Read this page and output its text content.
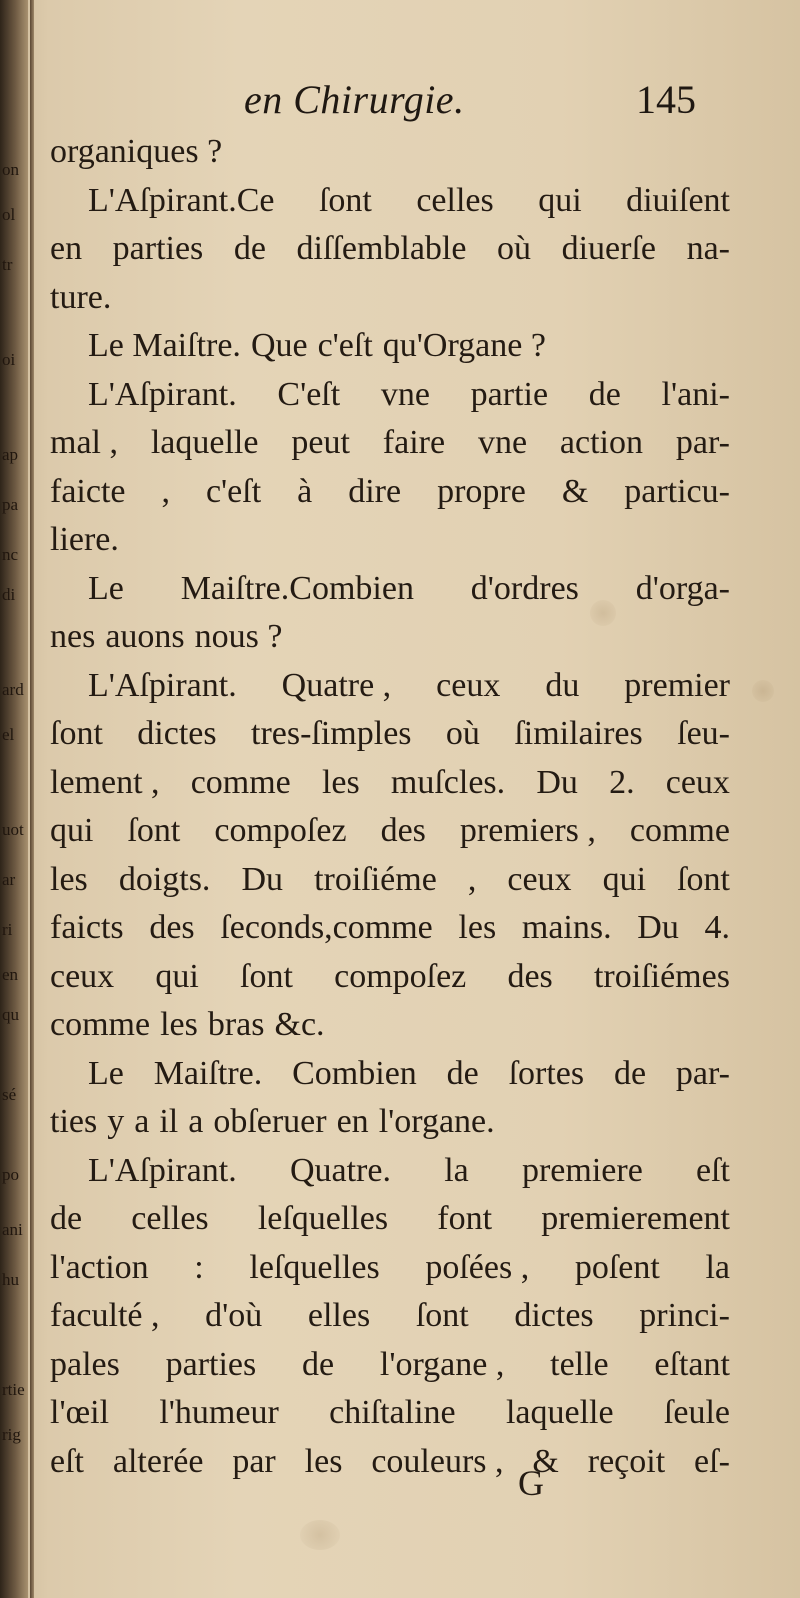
on
ol
tr
oi
ap
pa
nc
di
ard
el
uot
ar
ri
en
qu
sé
po
ani
hu
rtie
rig
en Chirurgie.	145
organiques ?
L'Aſpirant.Ce ſont celles qui diuiſent
en parties de diſſemblable où diuerſe na-
ture.
Le Maiſtre. Que c'eſt qu'Organe ?
L'Aſpirant. C'eſt vne partie de l'ani-
mal , laquelle peut faire vne action par-
faicte , c'eſt à dire propre & particu-
liere.
Le Maiſtre.Combien d'ordres d'orga-
nes auons nous ?
L'Aſpirant. Quatre , ceux du premier
ſont dictes tres-ſimples où ſimilaires ſeu-
lement , comme les muſcles. Du 2. ceux
qui ſont compoſez des premiers , comme
les doigts. Du troiſiéme , ceux qui ſont
faicts des ſeconds,comme les mains. Du 4.
ceux qui ſont compoſez des troiſiémes
comme les bras &c.
Le Maiſtre. Combien de ſortes de par-
ties y a il a obſeruer en l'organe.
L'Aſpirant. Quatre. la premiere eſt
de celles leſquelles font premierement
l'action : leſquelles poſées , poſent la
faculté , d'où elles ſont dictes princi-
pales parties de l'organe , telle eſtant
l'œil l'humeur chiſtaline laquelle ſeule
eſt alterée par les couleurs , & reçoit eſ-
G
